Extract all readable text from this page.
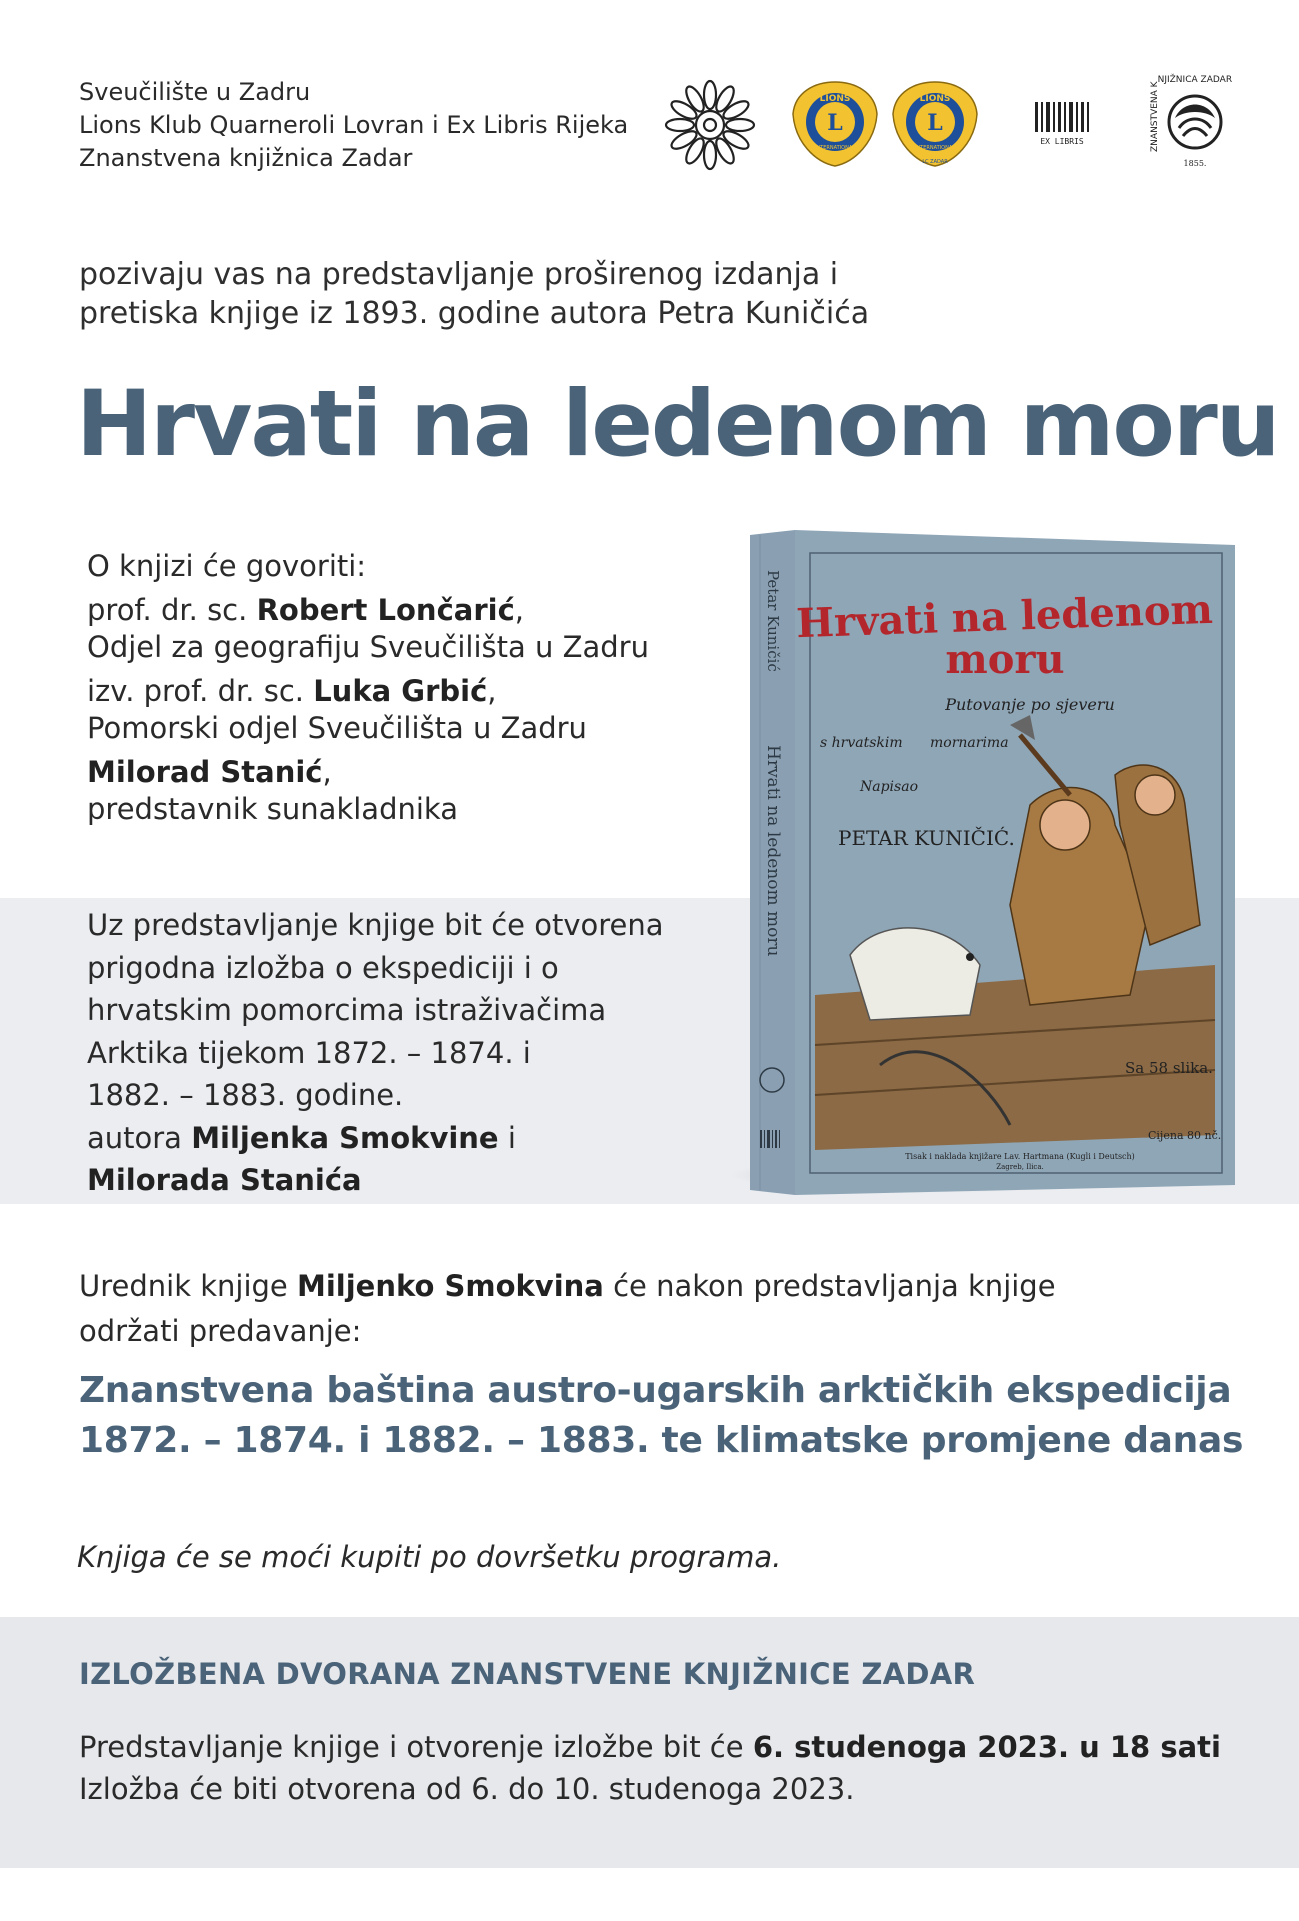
Sveučilište u Zadru
Lions Klub Quarneroli Lovran i Ex Libris Rijeka
Znanstvena knjižnica Zadar
L
LIONS
INTERNATIONAL
L
LIONS
INTERNATIONAL
LC ZADAR
EX LIBRIS
ZNANSTVENA KNJIŽNICA ZADAR
1855.
pozivaju vas na predstavljanje proširenog izdanja i
pretiska knjige iz 1893. godine autora Petra Kuničića
Hrvati na ledenom moru
O knjizi će govoriti:
prof. dr. sc. Robert Lončarić,
Odjel za geografiju Sveučilišta u Zadru
izv. prof. dr. sc. Luka Grbić,
Pomorski odjel Sveučilišta u Zadru
Milorad Stanić,
predstavnik sunakladnika
Uz predstavljanje knjige bit će otvorena
prigodna izložba o ekspediciji i o
hrvatskim pomorcima istraživačima
Arktika tijekom 1872. – 1874. i
1882. – 1883. godine.
autora Miljenka Smokvine i
Milorada Stanića
Petar Kuničić
Hrvati na ledenom moru
Hrvati na ledenom
moru
Putovanje po sjeveru
s hrvatskim mornarima
Napisao
PETAR KUNIČIĆ.
Sa 58 slika.
Cijena 80 nč.
Tisak i naklada knjižare Lav. Hartmana (Kugli i Deutsch)
Zagreb, Ilica.
Urednik knjige Miljenko Smokvina će nakon predstavljanja knjige
održati predavanje:
Znanstvena baština austro-ugarskih arktičkih ekspedicija
1872. – 1874. i 1882. – 1883. te klimatske promjene danas
Knjiga će se moći kupiti po dovršetku programa.
IZLOŽBENA DVORANA ZNANSTVENE KNJIŽNICE ZADAR
Predstavljanje knjige i otvorenje izložbe bit će 6. studenoga 2023. u 18 sati
Izložba će biti otvorena od 6. do 10. studenoga 2023.
